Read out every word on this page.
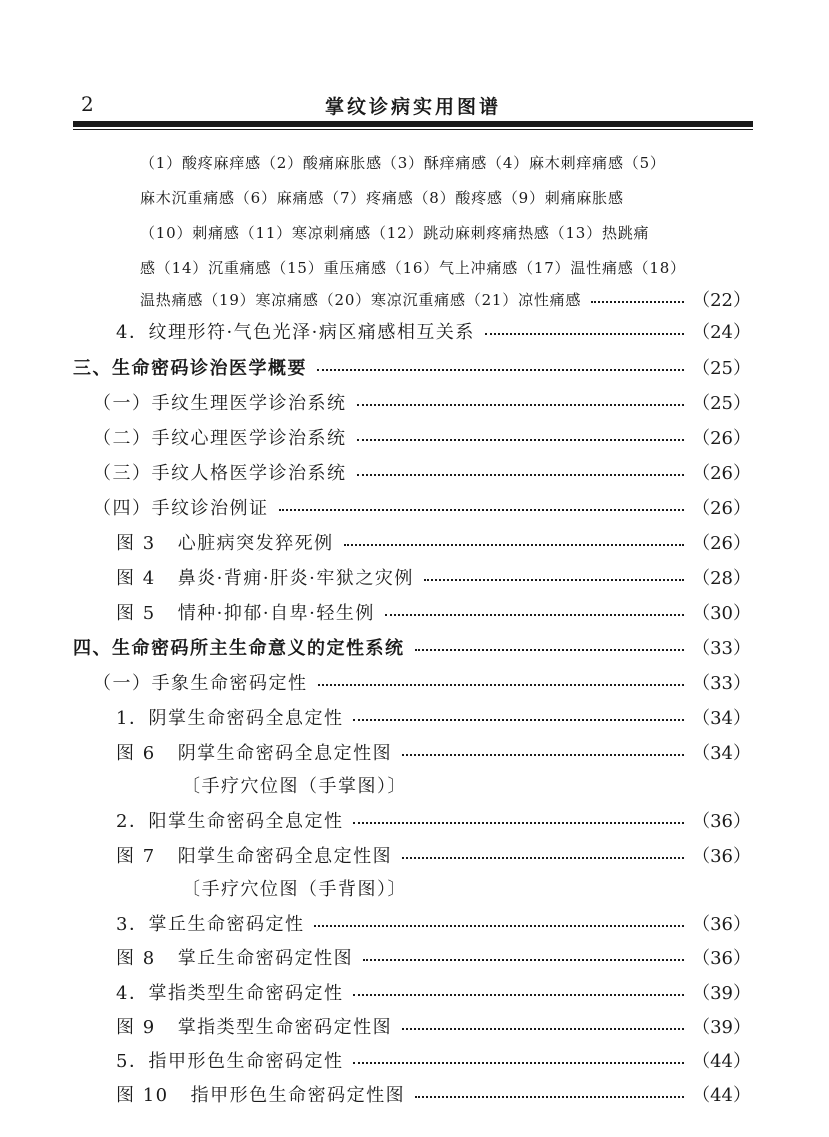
2	掌纹诊病实用图谱
（1）酸疼麻痒感（2）酸痛麻胀感（3）酥痒痛感（4）麻木刺痒痛感（5）
麻木沉重痛感（6）麻痛感（7）疼痛感（8）酸疼感（9）刺痛麻胀感
（10）刺痛感（11）寒凉刺痛感（12）跳动麻刺疼痛热感（13）热跳痛
感（14）沉重痛感（15）重压痛感（16）气上冲痛感（17）温性痛感（18）
温热痛感（19）寒凉痛感（20）寒凉沉重痛感（21）凉性痛感	（22）
4．纹理形符·气色光泽·病区痛感相互关系	（24）
三、生命密码诊治医学概要	（25）
（一）手纹生理医学诊治系统	（25）
（二）手纹心理医学诊治系统	（26）
（三）手纹人格医学诊治系统	（26）
（四）手纹诊治例证	（26）
图 3 心脏病突发猝死例	（26）
图 4 鼻炎·背痈·肝炎·牢狱之灾例	（28）
图 5 情种·抑郁·自卑·轻生例	（30）
四、生命密码所主生命意义的定性系统	（33）
（一）手象生命密码定性	（33）
1．阴掌生命密码全息定性	（34）
图 6 阴掌生命密码全息定性图	（34）
〔手疗穴位图（手掌图）〕
2．阳掌生命密码全息定性	（36）
图 7 阳掌生命密码全息定性图	（36）
〔手疗穴位图（手背图）〕
3．掌丘生命密码定性	（36）
图 8 掌丘生命密码定性图	（36）
4．掌指类型生命密码定性	（39）
图 9 掌指类型生命密码定性图	（39）
5．指甲形色生命密码定性	（44）
图 10 指甲形色生命密码定性图	（44）
